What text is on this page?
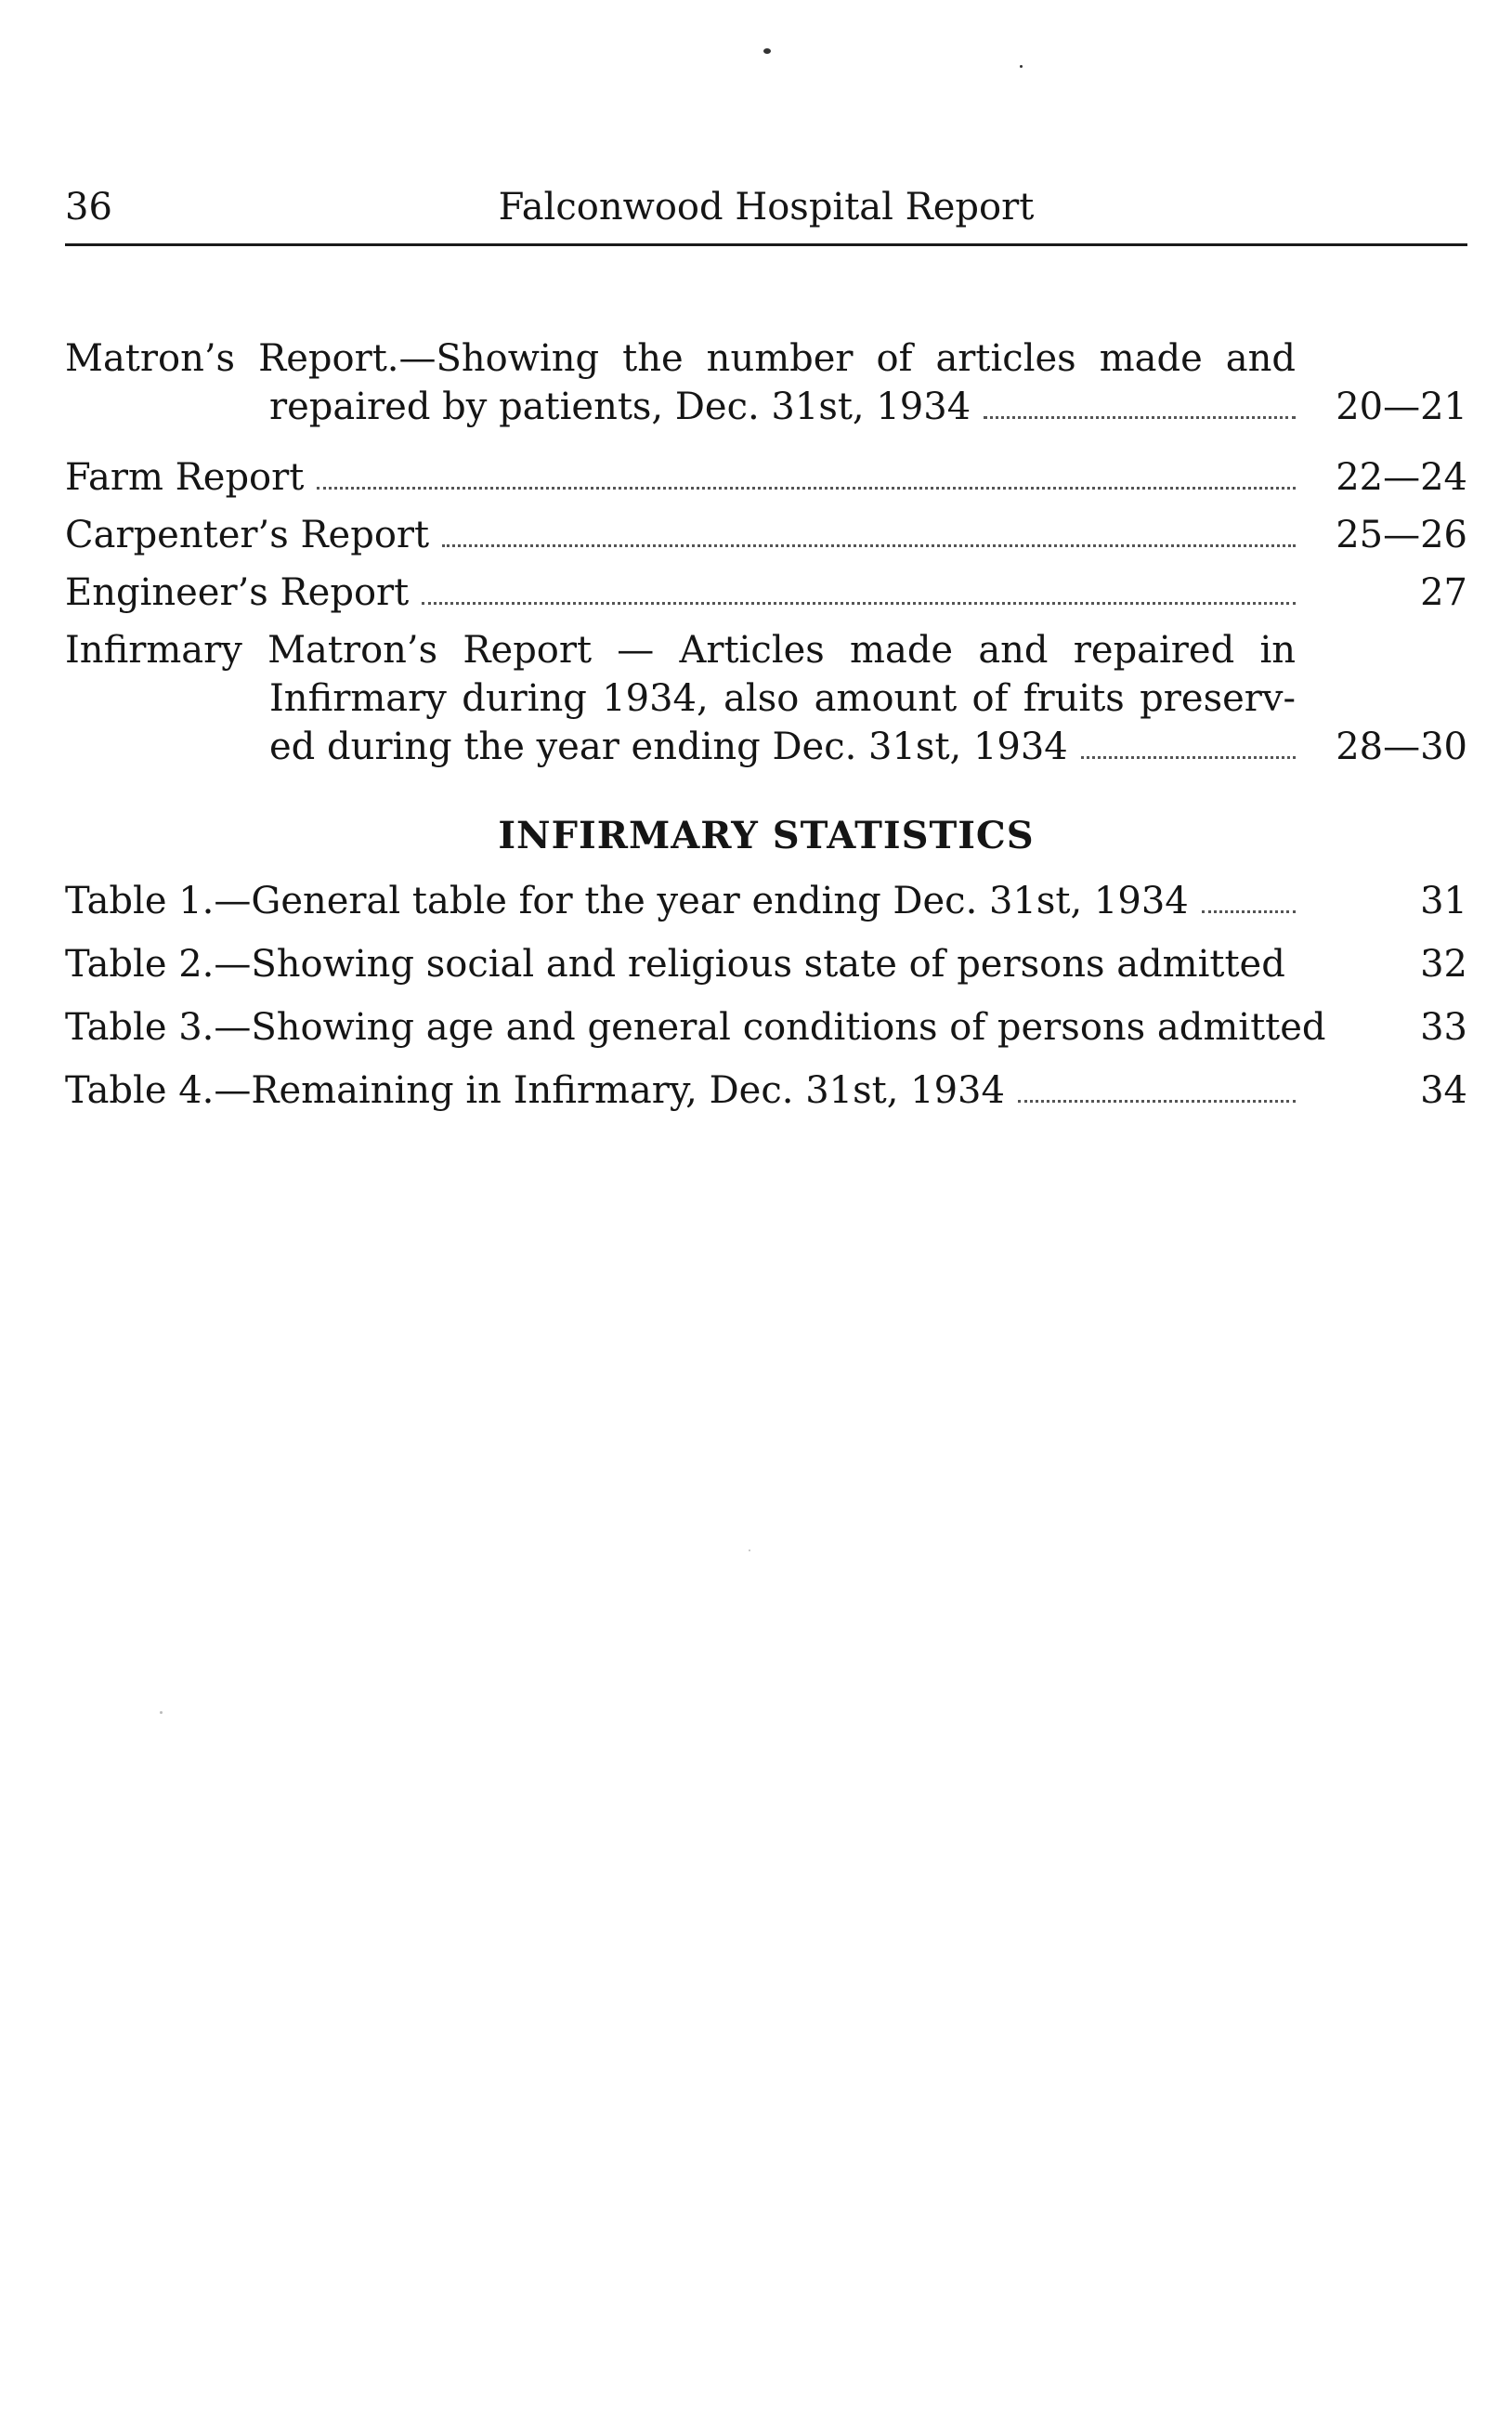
36	Falconwood Hospital Report
Matron’s Report.—Showing the number of articles made and
repaired by patients, Dec. 31st, 1934	20—21
Farm Report	22—24
Carpenter’s Report	25—26
Engineer’s Report	27
Infirmary Matron’s Report — Articles made and repaired in
Infirmary during 1934, also amount of fruits preserv-
ed during the year ending Dec. 31st, 1934	28—30
INFIRMARY STATISTICS
Table 1.—General table for the year ending Dec. 31st, 1934	31
Table 2.—Showing social and religious state of persons admitted	32
Table 3.—Showing age and general conditions of persons admitted	33
Table 4.—Remaining in Infirmary, Dec. 31st, 1934	34
